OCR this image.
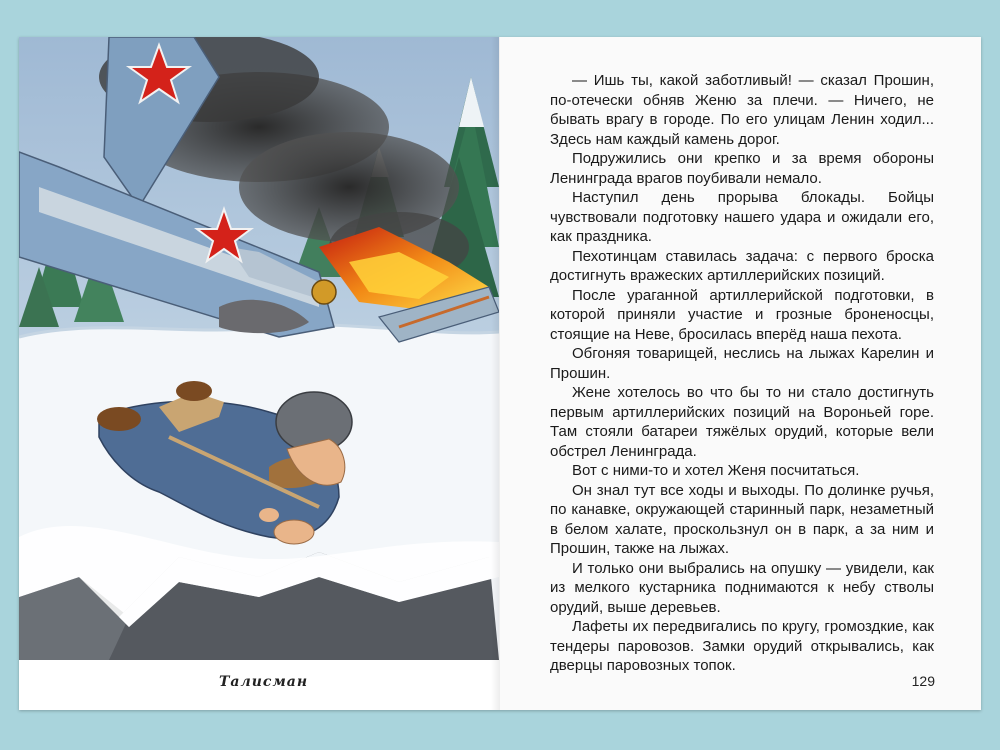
Талисман

— Ишь ты, какой заботливый! — сказал Прошин, по-отечески обняв Женю за плечи. — Ничего, не бывать врагу в городе. По его улицам Ленин ходил... Здесь нам каждый камень дорог.

Подружились они крепко и за время обороны Ленинграда врагов поубивали немало.

Наступил день прорыва блокады. Бойцы чувствовали подготовку нашего удара и ожидали его, как праздника.

Пехотинцам ставилась задача: с первого броска достигнуть вражеских артиллерийских позиций.

После ураганной артиллерийской подготовки, в которой приняли участие и грозные броненосцы, стоящие на Неве, бросилась вперёд наша пехота.

Обгоняя товарищей, неслись на лыжах Карелин и Прошин.

Жене хотелось во что бы то ни стало достигнуть первым артиллерийских позиций на Вороньей горе. Там стояли батареи тяжёлых орудий, которые вели обстрел Ленинграда.

Вот с ними-то и хотел Женя посчитаться.

Он знал тут все ходы и выходы. По долинке ручья, по канавке, окружающей старинный парк, незаметный в белом халате, проскользнул он в парк, а за ним и Прошин, также на лыжах.

И только они выбрались на опушку — увидели, как из мелкого кустарника поднимаются к небу стволы орудий, выше деревьев.

Лафеты их передвигались по кругу, громоздкие, как тендеры паровозов. Замки орудий открывались, как дверцы паровозных топок.

129
